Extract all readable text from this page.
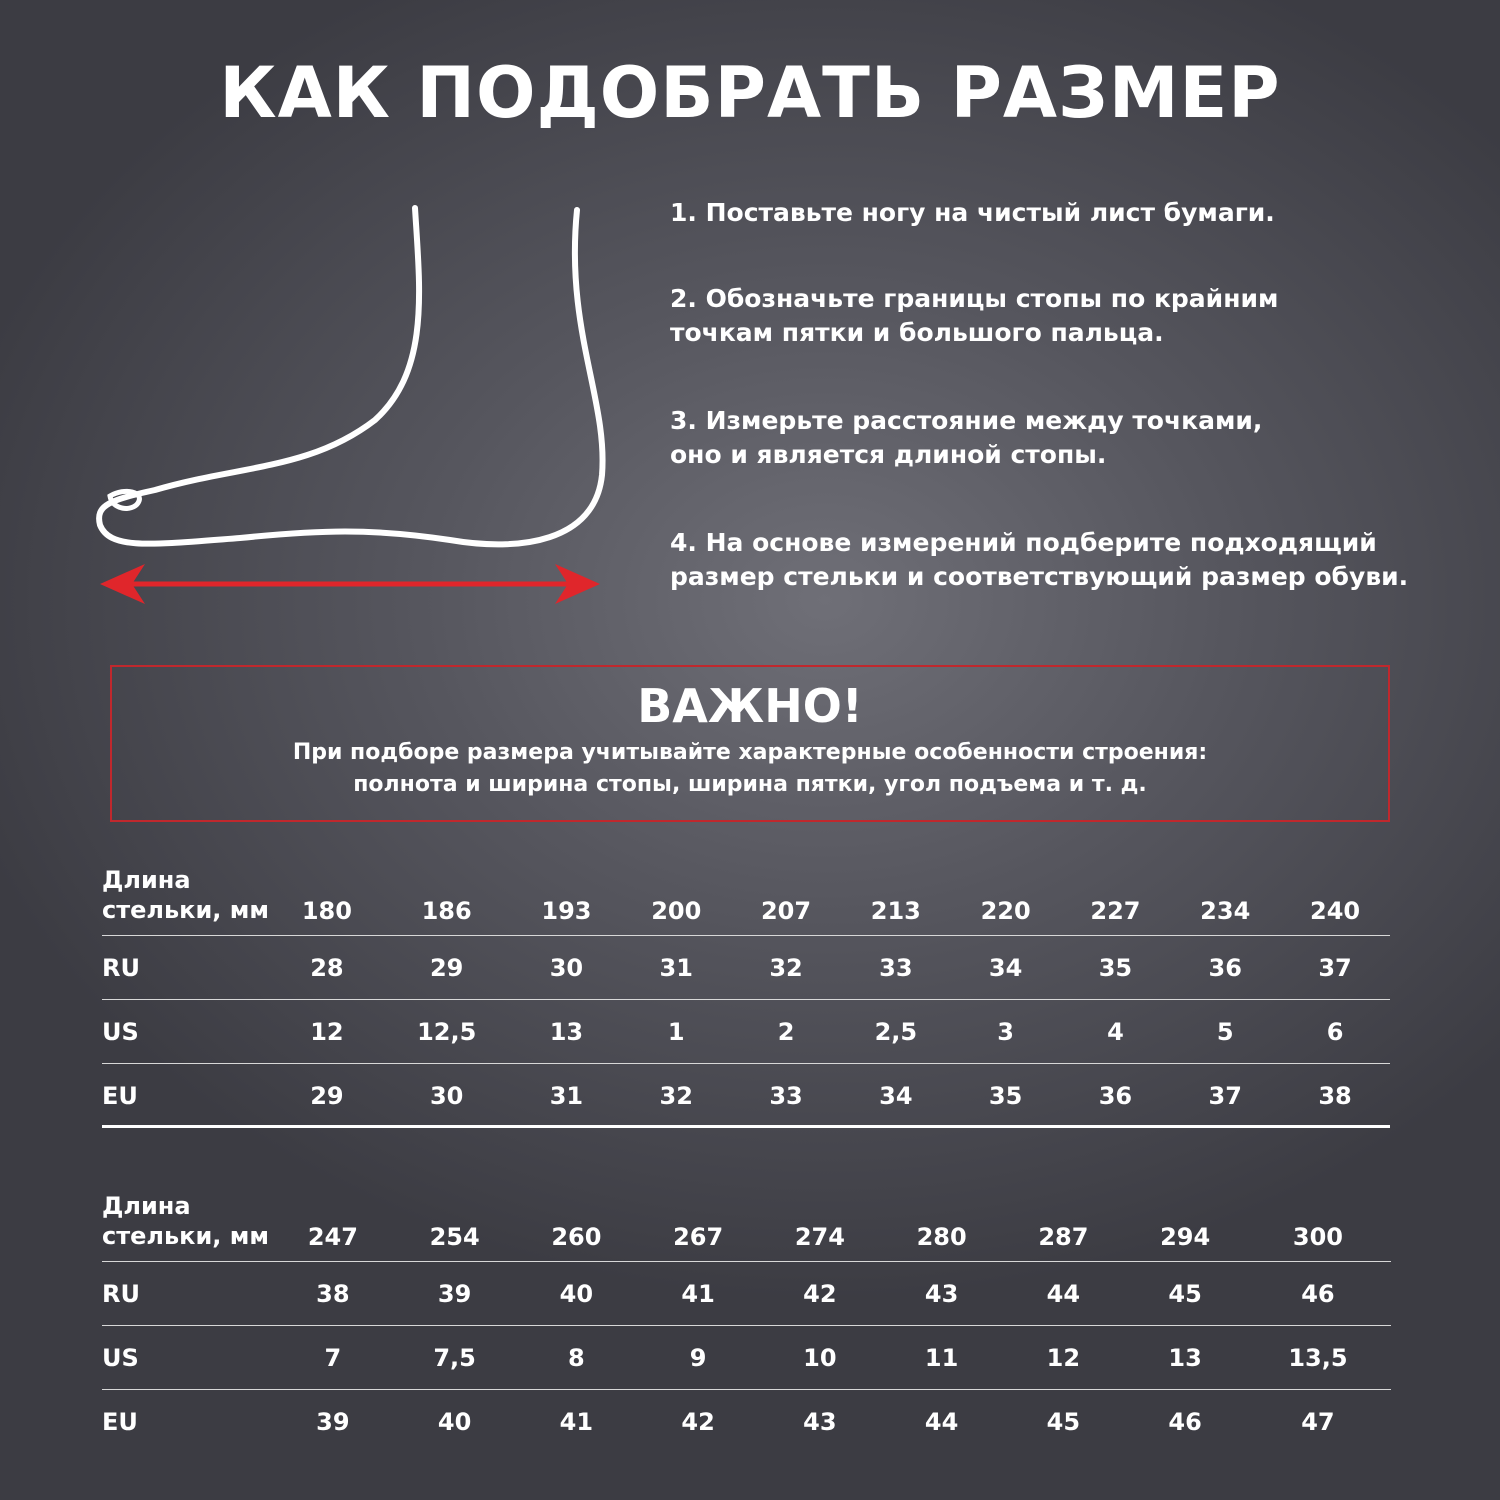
КАК ПОДОБРАТЬ РАЗМЕР

1. Поставьте ногу на чистый лист бумаги.

2. Обозначьте границы стопы по крайним
точкам пятки и большого пальца.

3. Измерьте расстояние между точками,
оно и является длиной стопы.

4. На основе измерений подберите подходящий
размер стельки и соответствующий размер обуви.

ВАЖНО!
При подборе размера учитывайте характерные особенности строения:
полнота и ширина стопы, ширина пятки, угол подъема и т. д.
Длина
стельки, мм	180	186	193	200	207	213	220	227	234	240
RU	28	29	30	31	32	33	34	35	36	37
US	12	12,5	13	1	2	2,5	3	4	5	6
EU	29	30	31	32	33	34	35	36	37	38
Длина
стельки, мм	247	254	260	267	274	280	287	294	300	
RU	38	39	40	41	42	43	44	45	46	
US	7	7,5	8	9	10	11	12	13	13,5	
EU	39	40	41	42	43	44	45	46	47	
